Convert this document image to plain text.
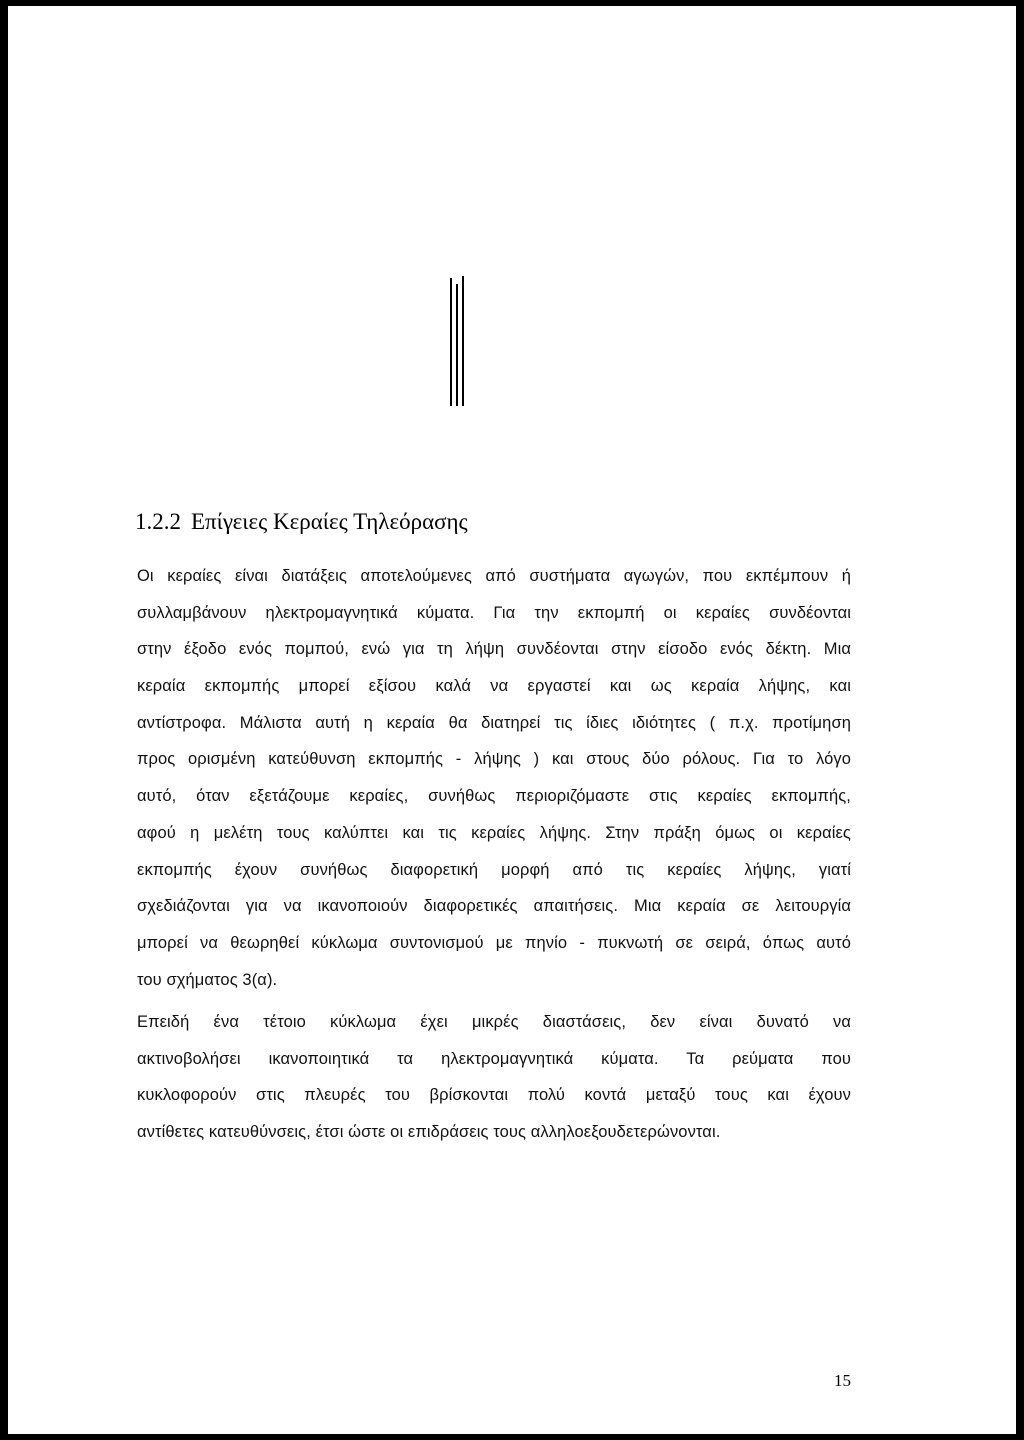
1.2.2 Επίγειες Κεραίες Τηλεόρασης
Οι κεραίες είναι διατάξεις αποτελούμενες από συστήματα αγωγών, που εκπέμπουν ή
συλλαμβάνουν ηλεκτρομαγνητικά κύματα. Για την εκπομπή οι κεραίες συνδέονται
στην έξοδο ενός πομπού, ενώ για τη λήψη συνδέονται στην είσοδο ενός δέκτη. Μια
κεραία εκπομπής μπορεί εξίσου καλά να εργαστεί και ως κεραία λήψης, και
αντίστροφα. Μάλιστα αυτή η κεραία θα διατηρεί τις ίδιες ιδιότητες ( π.χ. προτίμηση
προς ορισμένη κατεύθυνση εκπομπής - λήψης ) και στους δύο ρόλους. Για το λόγο
αυτό, όταν εξετάζουμε κεραίες, συνήθως περιοριζόμαστε στις κεραίες εκπομπής,
αφού η μελέτη τους καλύπτει και τις κεραίες λήψης. Στην πράξη όμως οι κεραίες
εκπομπής έχουν συνήθως διαφορετική μορφή από τις κεραίες λήψης, γιατί
σχεδιάζονται για να ικανοποιούν διαφορετικές απαιτήσεις. Μια κεραία σε λειτουργία
μπορεί να θεωρηθεί κύκλωμα συντονισμού με πηνίο - πυκνωτή σε σειρά, όπως αυτό
του σχήματος 3(α).
Επειδή ένα τέτοιο κύκλωμα έχει μικρές διαστάσεις, δεν είναι δυνατό να
ακτινοβολήσει ικανοποιητικά τα ηλεκτρομαγνητικά κύματα. Τα ρεύματα που
κυκλοφορούν στις πλευρές του βρίσκονται πολύ κοντά μεταξύ τους και έχουν
αντίθετες κατευθύνσεις, έτσι ώστε οι επιδράσεις τους αλληλοεξουδετερώνονται.
15
